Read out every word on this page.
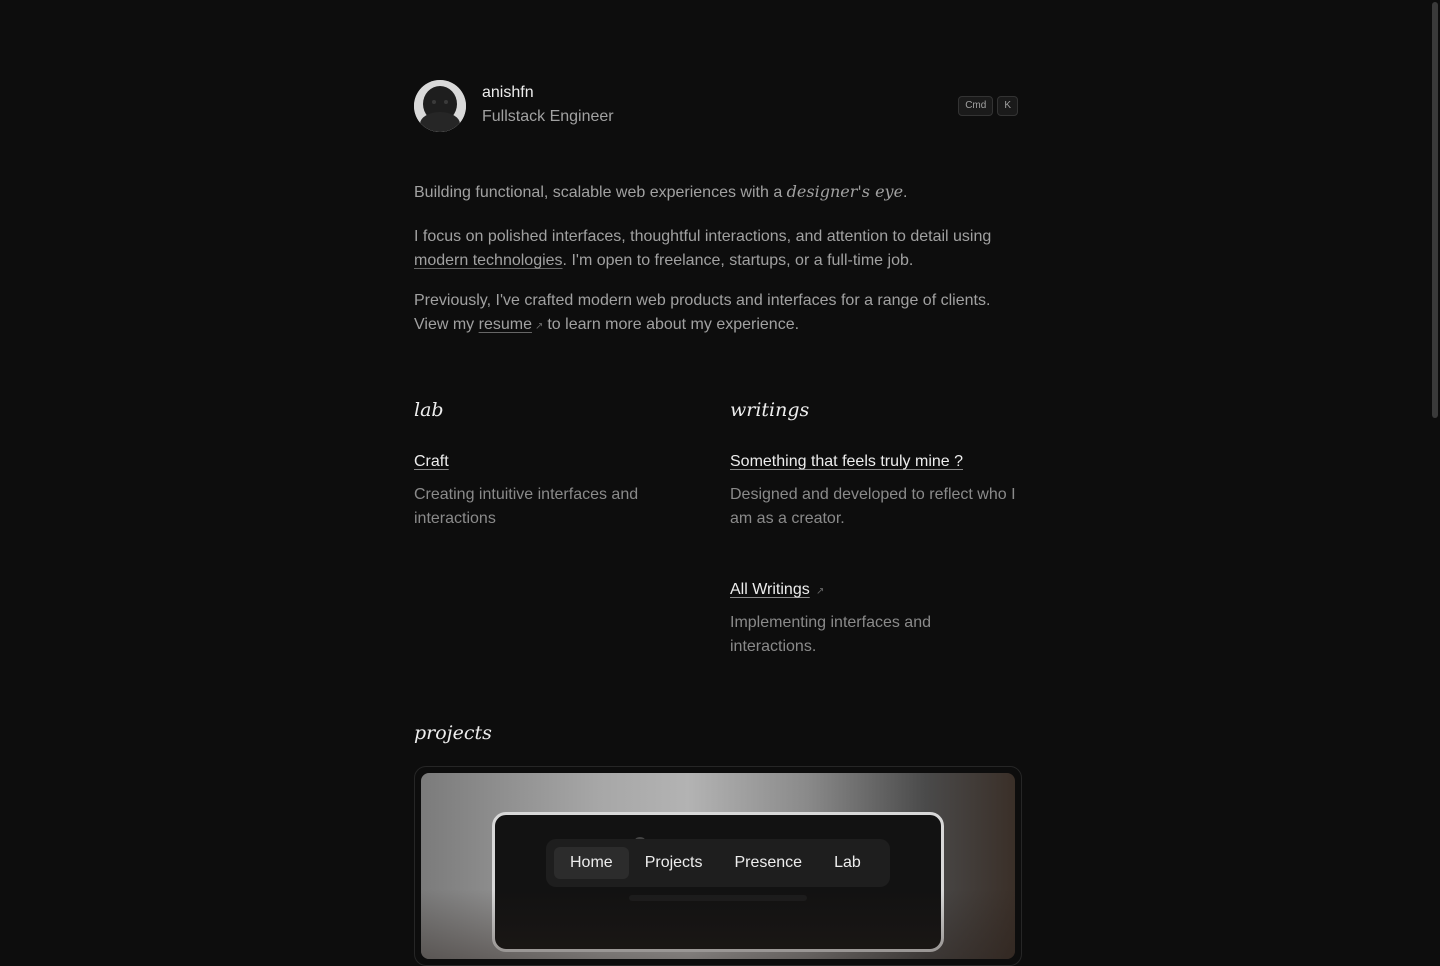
anishfn
Fullstack Engineer
Cmd	K

Building functional, scalable web experiences with a designer's eye.

I focus on polished interfaces, thoughtful interactions, and attention to detail using modern technologies. I'm open to freelance, startups, or a full-time job.

Previously, I've crafted modern web products and interfaces for a range of clients. View my resume ↗ to learn more about my experience.

lab
Craft
Creating intuitive interfaces and interactions
writings
Something that feels truly mine ?
Designed and developed to reflect who I am as a creator.
All Writings ↗
Implementing interfaces and interactions.
projects
Home	Projects	Presence	Lab
